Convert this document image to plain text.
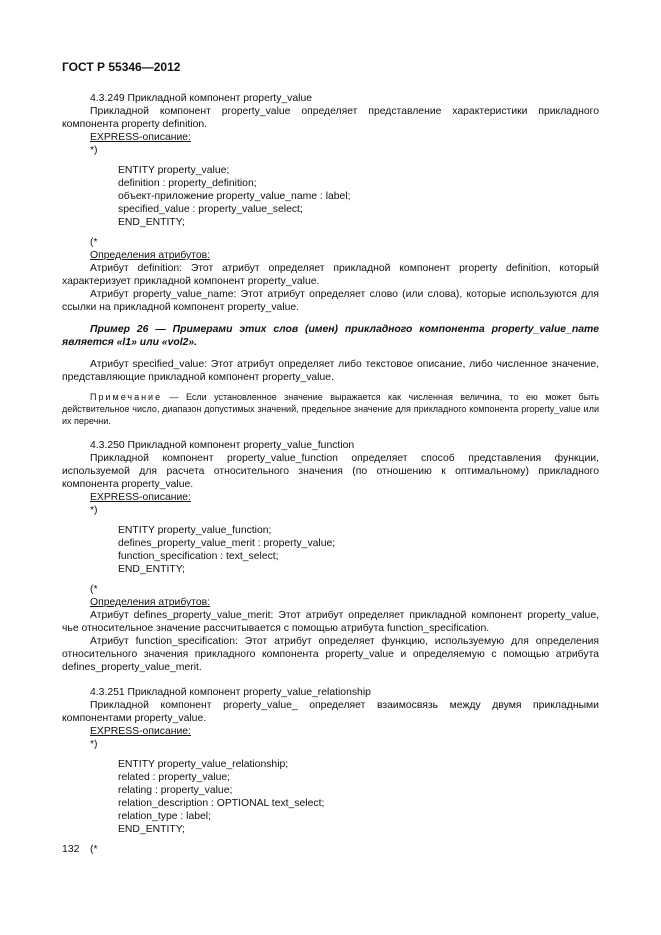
ГОСТ Р 55346—2012

4.3.249 Прикладной компонент property_value

Прикладной компонент property_value определяет представление характеристики прикладного компонента property definition.

EXPRESS-описание:

*)

ENTITY property_value;

definition : property_definition;

объект-приложение property_value_name : label;

specified_value : property_value_select;

END_ENTITY;

(*

Определения атрибутов:

Атрибут definition: Этот атрибут определяет прикладной компонент property definition, который характеризует прикладной компонент property_value.

Атрибут property_value_name: Этот атрибут определяет слово (или слова), которые используются для ссылки на прикладной компонент property_value.

Пример 26 — Примерами этих слов (имен) прикладного компонента property_value_name является «l1» или «vol2».

Атрибут specified_value: Этот атрибут определяет либо текстовое описание, либо численное значение, представляющие прикладной компонент property_value.

Примечание — Если установленное значение выражается как численная величина, то ею может быть действительное число, диапазон допустимых значений, предельное значение для прикладного компонента property_value или их перечни.

4.3.250 Прикладной компонент property_value_function

Прикладной компонент property_value_function определяет способ представления функции, используемой для расчета относительного значения (по отношению к оптимальному) прикладного компонента property_value.

EXPRESS-описание:

*)

ENTITY property_value_function;

defines_property_value_merit : property_value;

function_specification : text_select;

END_ENTITY;

(*

Определения атрибутов:

Атрибут defines_property_value_merit: Этот атрибут определяет прикладной компонент property_value, чье относительное значение рассчитывается с помощью атрибута function_specification.

Атрибут function_specification: Этот атрибут определяет функцию, используемую для определения относительного значения прикладного компонента property_value и определяемую с помощью атрибута defines_property_value_merit.

4.3.251 Прикладной компонент property_value_relationship

Прикладной компонент property_value_ определяет взаимосвязь между двумя прикладными компонентами property_value.

EXPRESS-описание:

*)

ENTITY property_value_relationship;

related : property_value;

relating : property_value;

relation_description : OPTIONAL text_select;

relation_type : label;

END_ENTITY;

(*

132
